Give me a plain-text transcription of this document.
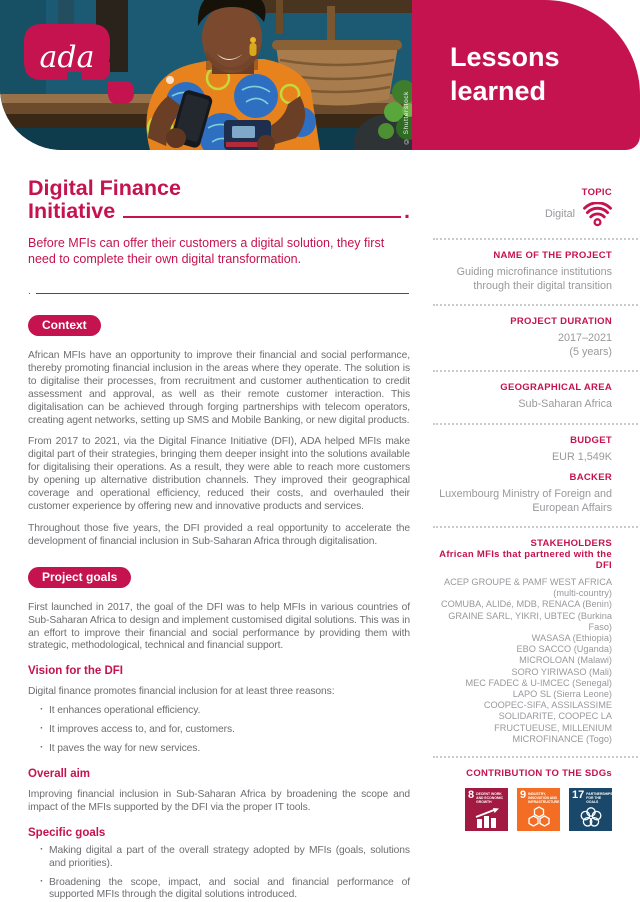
© Shutterstock
Lessons learned
ada
Digital Finance
Initiative	.
Before MFIs can offer their customers a digital solution, they first need to complete their own digital transformation.
.
Context

African MFIs have an opportunity to improve their financial and social performance, thereby promoting financial inclusion in the areas where they operate. The solution is to digitalise their processes, from recruitment and customer authentication to credit assessment and approval, as well as their remote customer interaction. This digitalisation can be achieved through forging partnerships with telecom operators, creating agent networks, setting up SMS and Mobile Banking, or new digital products.

From 2017 to 2021, via the Digital Finance Initiative (DFI), ADA helped MFIs make digital part of their strategies, bringing them deeper insight into the solutions available for digitalising their operations. As a result, they were able to reach more customers by opening up alternative distribution channels. They improved their geographical coverage and operational efficiency, reduced their costs, and overhauled their customer experience by offering new and innovative products and services.

Throughout those five years, the DFI provided a real opportunity to accelerate the development of financial inclusion in Sub-Saharan Africa through digitalisation.

Project goals

First launched in 2017, the goal of the DFI was to help MFIs in various countries of Sub-Saharan Africa to design and implement customised digital solutions. This was in an effort to improve their financial and social performance by providing them with strategic, methodological, technical and financial support.

Vision for the DFI

Digital finance promotes financial inclusion for at least three reasons:

· It enhances operational efficiency.
· It improves access to, and for, customers.
· It paves the way for new services.
Overall aim

Improving financial inclusion in Sub-Saharan Africa by broadening the scope and impact of the MFIs supported by the DFI via the proper IT tools.

Specific goals
· Making digital a part of the overall strategy adopted by MFIs (goals, solutions and priorities).
· Broadening the scope, impact, and social and financial performance of supported MFIs through the digital solutions introduced.
TOPIC
Digital
NAME OF THE PROJECT
Guiding microfinance institutions through their digital transition
PROJECT DURATION
2017–2021
(5 years)
GEOGRAPHICAL AREA
Sub-Saharan Africa
BUDGET
EUR 1,549K
BACKER
Luxembourg Ministry of Foreign and European Affairs
STAKEHOLDERS
African MFIs that partnered with the DFI
ACEP GROUPE & PAMF WEST AFRICA (multi-country)
COMUBA, ALIDé, MDB, RENACA (Benin)
GRAINE SARL, YIKRI, UBTEC (Burkina Faso)
WASASA (Ethiopia)
EBO SACCO (Uganda)
MICROLOAN (Malawi)
SORO YIRIWASO (Mali)
MEC FADEC & U-IMCEC (Senegal)
LAPO SL (Sierra Leone)
COOPEC-SIFA, ASSILASSIME SOLIDARITE, COOPEC LA FRUCTUEUSE, MILLENIUM MICROFINANCE (Togo)
CONTRIBUTION TO THE SDGs
8 DECENT WORK AND ECONOMIC GROWTH
9 INDUSTRY, INNOVATION AND INFRASTRUCTURE
17 PARTNERSHIPS FOR THE GOALS
